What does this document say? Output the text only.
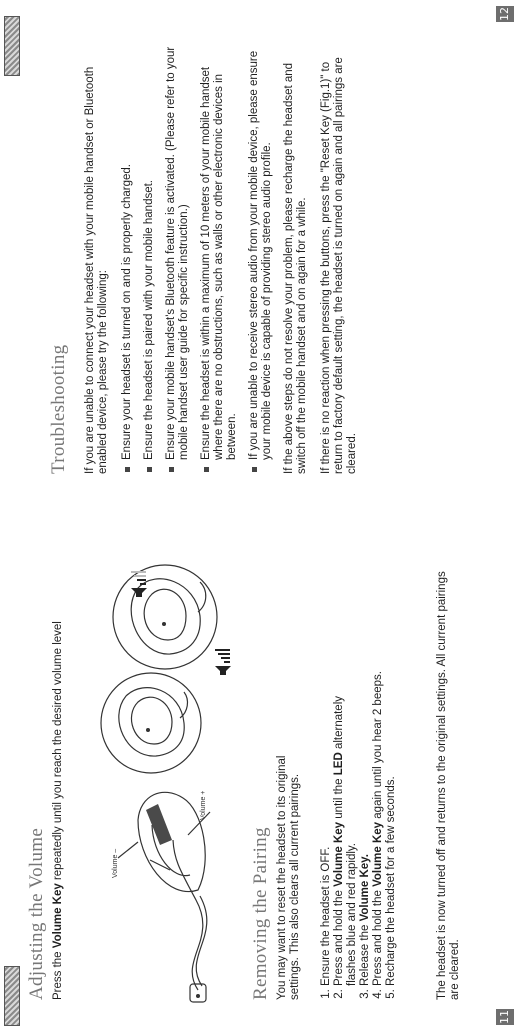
11
Adjusting the Volume Press the Volume Key repeatedly until you reach the desired volume level	Volume –
Volume +
Removing the Pairing You may want to reset the headset to its original settings. This also clears all current pairings. 1. Ensure the headset is OFF. 2. Press and hold the Volume Key until the LED alternately flashes blue and red rapidly. 3. Release the Volume Key. 4. Press and hold the Volume Key again until you hear 2 beeps.
5. Recharge the headset for a few seconds.	The headset is now turned off and returns to the original settings. All current pairings are cleared.
12
Troubleshooting If you are unable to connect your headset with your mobile handset or Bluetooth enabled device, please try the following: Ensure your headset is turned on and is properly charged. Ensure the headset is paired with your mobile handset. Ensure your mobile handset's Bluetooth feature is activated. (Please refer to your mobile handset user guide for specific instruction.) Ensure the headset is within a maximum of 10 meters of your mobile handset where there are no obstructions, such as walls or other electronic devices in between. If you are unable to receive stereo audio from your mobile device, please ensure your mobile device is capable of providing stereo audio profile. If the above steps do not resolve your problem, please recharge the headset and switch off the mobile handset and on again for a while. If there is no reaction when pressing the buttons, press the "Reset Key (Fig.1)" to return to factory default setting, the headset is turned on again and all pairings are cleared.
